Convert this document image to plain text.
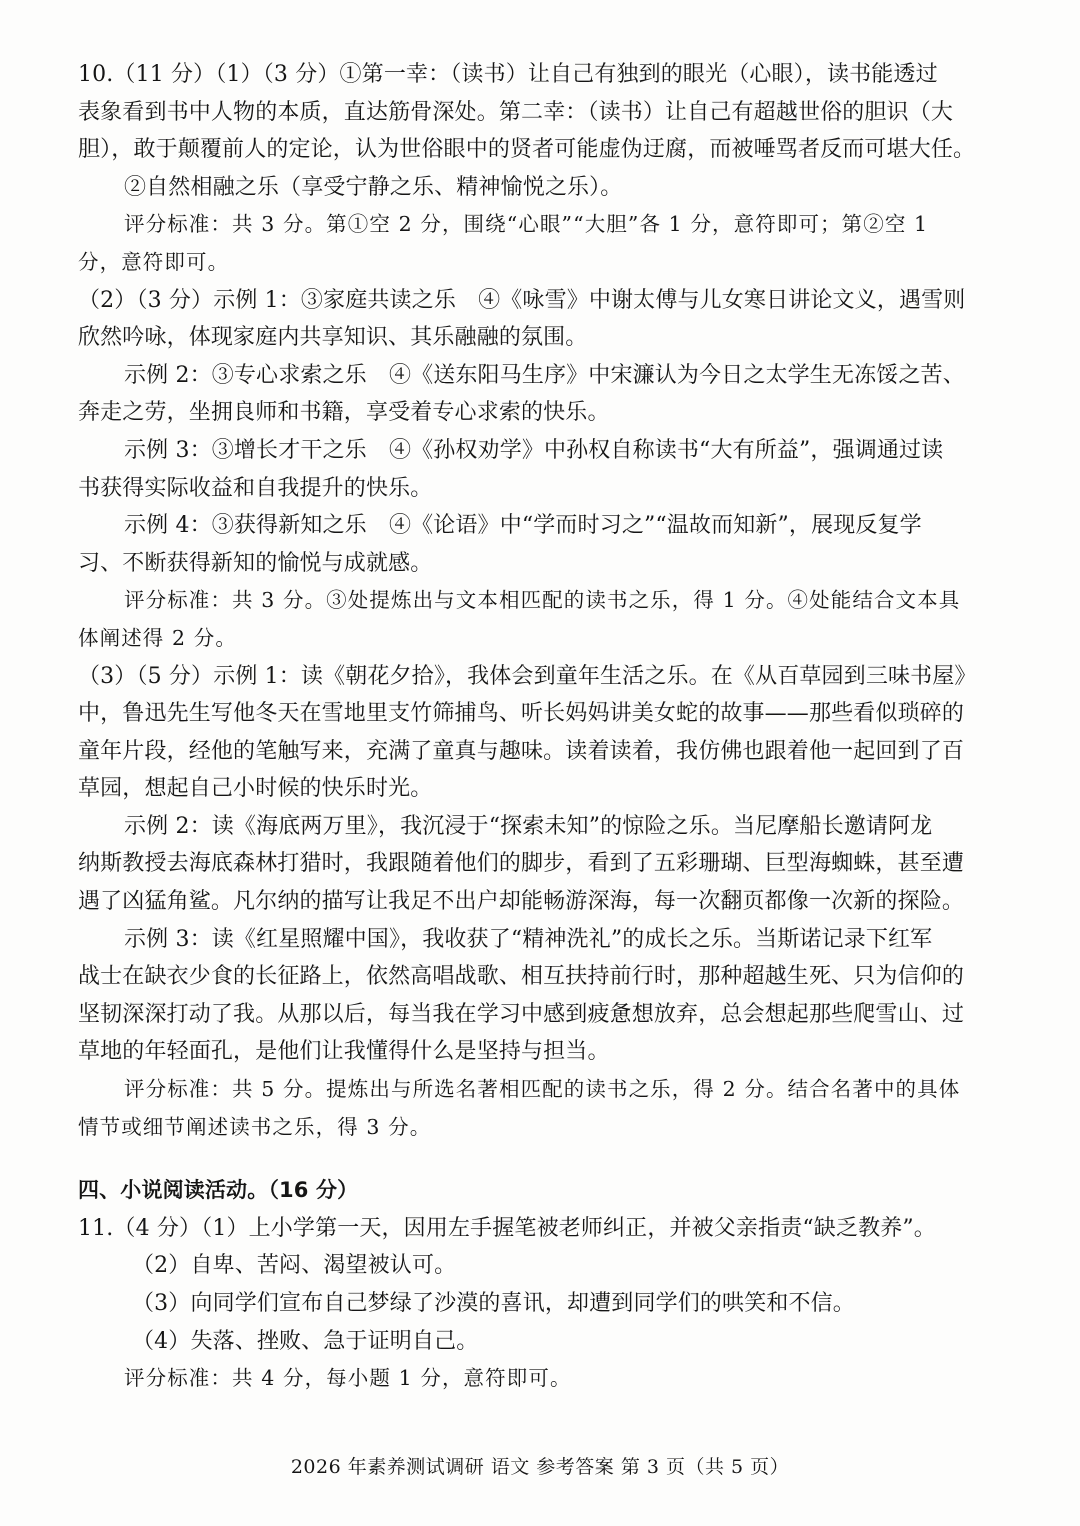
10.（11 分）（1）（3 分）①第一幸：（读书）让自己有独到的眼光（心眼），读书能透过
表象看到书中人物的本质，直达筋骨深处。第二幸：（读书）让自己有超越世俗的胆识（大
胆），敢于颠覆前人的定论，认为世俗眼中的贤者可能虚伪迂腐，而被唾骂者反而可堪大任。
②自然相融之乐（享受宁静之乐、精神愉悦之乐）。
评分标准：共 3 分。第①空 2 分，围绕“心眼”“大胆”各 1 分，意符即可；第②空 1
分，意符即可。
（2）（3 分）示例 1：③家庭共读之乐　④《咏雪》中谢太傅与儿女寒日讲论文义，遇雪则
欣然吟咏，体现家庭内共享知识、其乐融融的氛围。
示例 2：③专心求索之乐　④《送东阳马生序》中宋濂认为今日之太学生无冻馁之苦、
奔走之劳，坐拥良师和书籍，享受着专心求索的快乐。
示例 3：③增长才干之乐　④《孙权劝学》中孙权自称读书“大有所益”，强调通过读
书获得实际收益和自我提升的快乐。
示例 4：③获得新知之乐　④《论语》中“学而时习之”“温故而知新”，展现反复学
习、不断获得新知的愉悦与成就感。
评分标准：共 3 分。③处提炼出与文本相匹配的读书之乐，得 1 分。④处能结合文本具
体阐述得 2 分。
（3）（5 分）示例 1：读《朝花夕拾》，我体会到童年生活之乐。在《从百草园到三味书屋》
中，鲁迅先生写他冬天在雪地里支竹筛捕鸟、听长妈妈讲美女蛇的故事——那些看似琐碎的
童年片段，经他的笔触写来，充满了童真与趣味。读着读着，我仿佛也跟着他一起回到了百
草园，想起自己小时候的快乐时光。
示例 2：读《海底两万里》，我沉浸于“探索未知”的惊险之乐。当尼摩船长邀请阿龙
纳斯教授去海底森林打猎时，我跟随着他们的脚步，看到了五彩珊瑚、巨型海蜘蛛，甚至遭
遇了凶猛角鲨。凡尔纳的描写让我足不出户却能畅游深海，每一次翻页都像一次新的探险。
示例 3：读《红星照耀中国》，我收获了“精神洗礼”的成长之乐。当斯诺记录下红军
战士在缺衣少食的长征路上，依然高唱战歌、相互扶持前行时，那种超越生死、只为信仰的
坚韧深深打动了我。从那以后，每当我在学习中感到疲惫想放弃，总会想起那些爬雪山、过
草地的年轻面孔，是他们让我懂得什么是坚持与担当。
评分标准：共 5 分。提炼出与所选名著相匹配的读书之乐，得 2 分。结合名著中的具体
情节或细节阐述读书之乐，得 3 分。
四、小说阅读活动。（16 分）
11.（4 分）（1）上小学第一天，因用左手握笔被老师纠正，并被父亲指责“缺乏教养”。
（2）自卑、苦闷、渴望被认可。
（3）向同学们宣布自己梦绿了沙漠的喜讯，却遭到同学们的哄笑和不信。
（4）失落、挫败、急于证明自己。
评分标准：共 4 分，每小题 1 分，意符即可。
2026 年素养测试调研 语文 参考答案 第 3 页（共 5 页）
